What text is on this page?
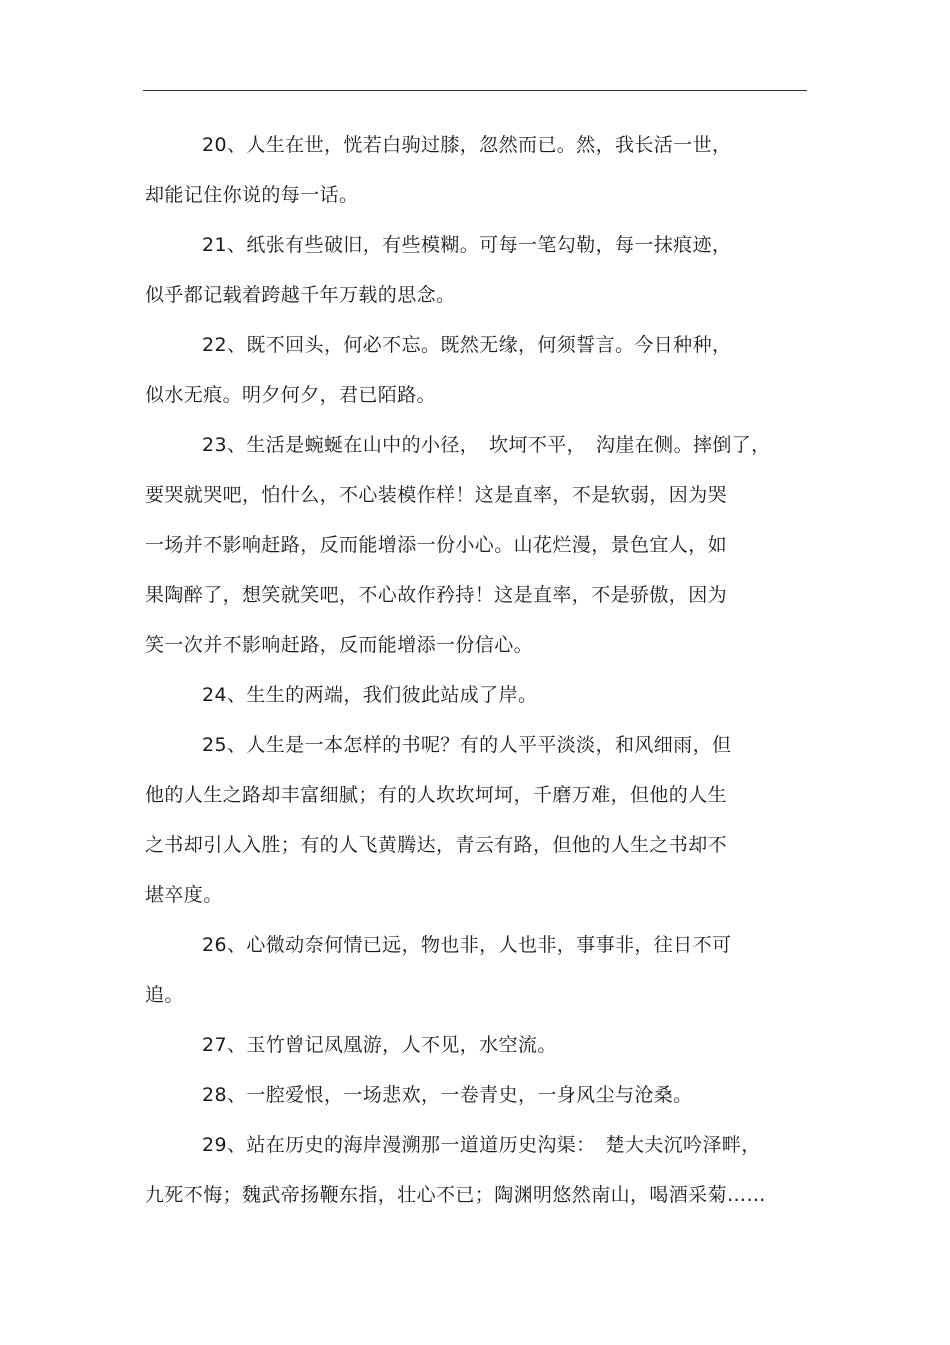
20、人生在世，恍若白驹过膝，忽然而已。然，我长活一世，
却能记住你说的每一话。

21、纸张有些破旧，有些模糊。可每一笔勾勒，每一抹痕迹，
似乎都记载着跨越千年万载的思念。

22、既不回头，何必不忘。既然无缘，何须誓言。今日种种，
似水无痕。明夕何夕，君已陌路。

23、生活是蜿蜒在山中的小径，　坎坷不平，　沟崖在侧。摔倒了，
要哭就哭吧，怕什么，不心装模作样！这是直率，不是软弱，因为哭
一场并不影响赶路，反而能增添一份小心。山花烂漫，景色宜人，如
果陶醉了，想笑就笑吧，不心故作矜持！这是直率，不是骄傲，因为
笑一次并不影响赶路，反而能增添一份信心。

24、生生的两端，我们彼此站成了岸。

25、人生是一本怎样的书呢？有的人平平淡淡，和风细雨，但
他的人生之路却丰富细腻；有的人坎坎坷坷，千磨万难，但他的人生
之书却引人入胜；有的人飞黄腾达，青云有路，但他的人生之书却不
堪卒度。

26、心微动奈何情已远，物也非，人也非，事事非，往日不可
追。

27、玉竹曾记凤凰游，人不见，水空流。

28、一腔爱恨，一场悲欢，一卷青史，一身风尘与沧桑。

29、站在历史的海岸漫溯那一道道历史沟渠：　楚大夫沉吟泽畔，
九死不悔；魏武帝扬鞭东指，壮心不已；陶渊明悠然南山，喝酒采菊……
